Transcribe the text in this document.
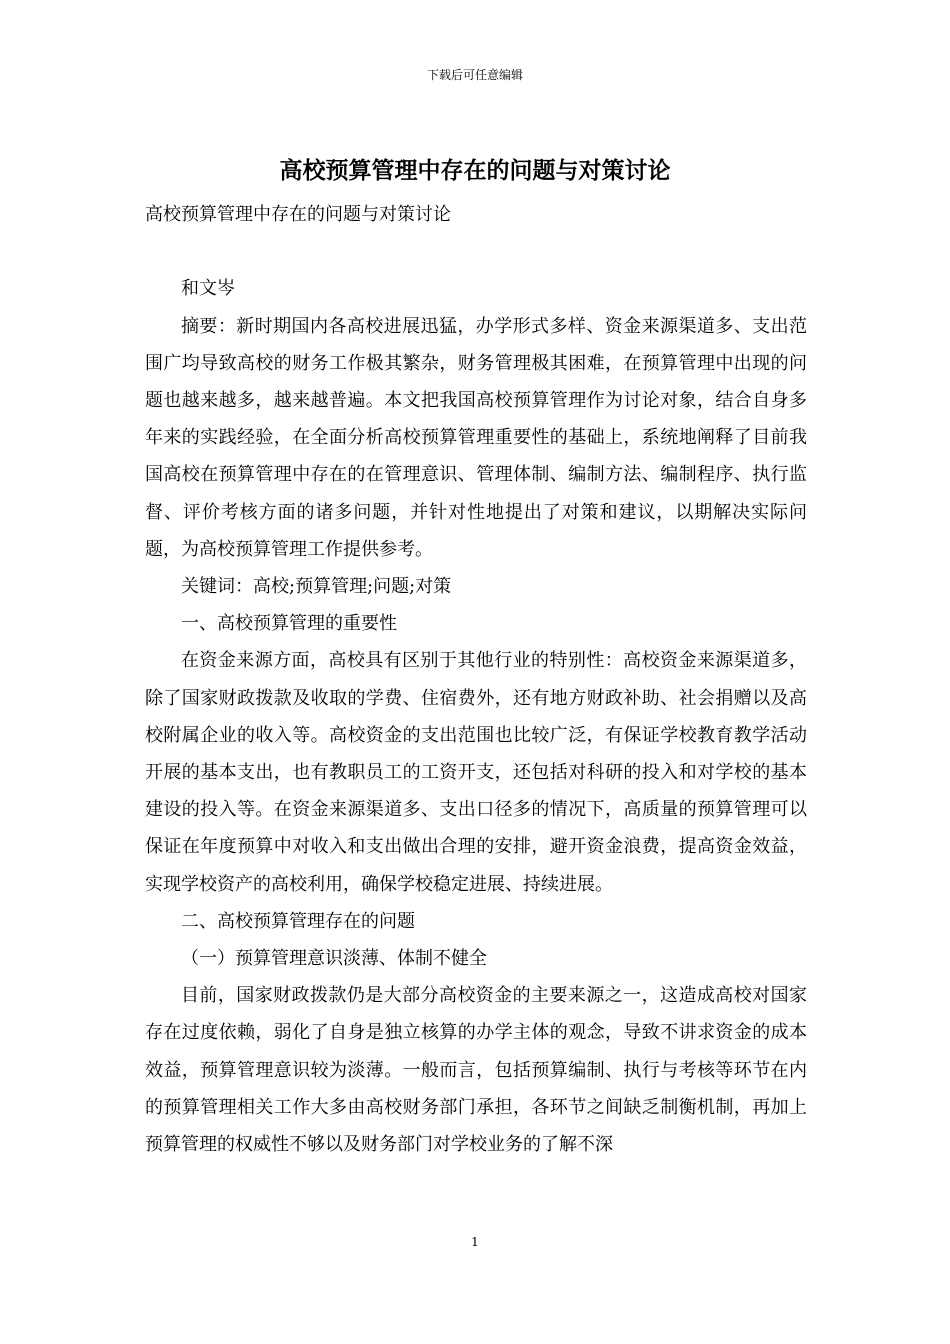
下载后可任意编辑
高校预算管理中存在的问题与对策讨论

高校预算管理中存在的问题与对策讨论

和文岑

摘要：新时期国内各高校进展迅猛，办学形式多样、资金来源渠道多、支出范围广均导致高校的财务工作极其繁杂，财务管理极其困难，在预算管理中出现的问题也越来越多，越来越普遍。本文把我国高校预算管理作为讨论对象，结合自身多年来的实践经验，在全面分析高校预算管理重要性的基础上，系统地阐释了目前我国高校在预算管理中存在的在管理意识、管理体制、编制方法、编制程序、执行监督、评价考核方面的诸多问题，并针对性地提出了对策和建议，以期解决实际问题，为高校预算管理工作提供参考。

关键词：高校;预算管理;问题;对策

一、高校预算管理的重要性

在资金来源方面，高校具有区别于其他行业的特别性：高校资金来源渠道多，除了国家财政拨款及收取的学费、住宿费外，还有地方财政补助、社会捐赠以及高校附属企业的收入等。高校资金的支出范围也比较广泛，有保证学校教育教学活动开展的基本支出，也有教职员工的工资开支，还包括对科研的投入和对学校的基本建设的投入等。在资金来源渠道多、支出口径多的情况下，高质量的预算管理可以保证在年度预算中对收入和支出做出合理的安排，避开资金浪费，提高资金效益，实现学校资产的高校利用，确保学校稳定进展、持续进展。

二、高校预算管理存在的问题

（一）预算管理意识淡薄、体制不健全

目前，国家财政拨款仍是大部分高校资金的主要来源之一，这造成高校对国家存在过度依赖，弱化了自身是独立核算的办学主体的观念，导致不讲求资金的成本效益，预算管理意识较为淡薄。一般而言，包括预算编制、执行与考核等环节在内的预算管理相关工作大多由高校财务部门承担，各环节之间缺乏制衡机制，再加上预算管理的权威性不够以及财务部门对学校业务的了解不深

1
